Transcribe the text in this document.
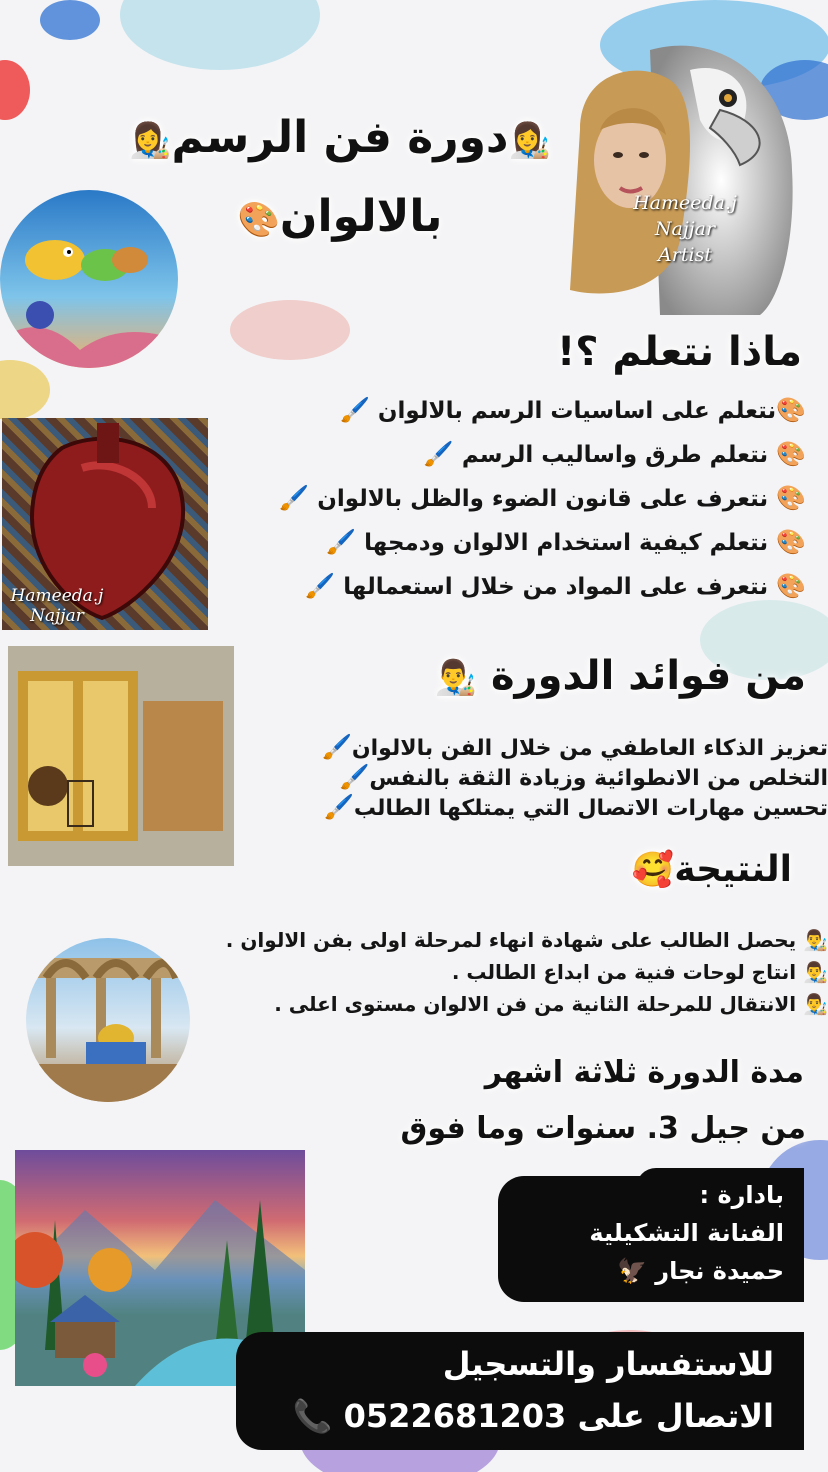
👩‍🎨دورة فن الرسم👩‍🎨
بالالوان🎨	Hameeda.j
Najjar
Artist
ماذا نتعلم ؟!
🎨نتعلم على اساسيات الرسم بالالوان 🖌️
🎨 نتعلم طرق واساليب الرسم 🖌️
🎨 نتعرف على قانون الضوء والظل بالالوان 🖌️
🎨 نتعلم كيفية استخدام الالوان ودمجها 🖌️
🎨 نتعرف على المواد من خلال استعمالها 🖌️
Hameeda.j
Najjar
من فوائد الدورة 👨‍🎨
تعزيز الذكاء العاطفي من خلال الفن بالالوان🖌️
التخلص من الانطوائية وزيادة الثقة بالنفس🖌️
تحسين مهارات الاتصال التي يمتلكها الطالب🖌️
النتيجة🥰
👨‍🎨 يحصل الطالب على شهادة انهاء لمرحلة اولى بفن الالوان .
👨‍🎨 انتاج لوحات فنية من ابداع الطالب .
👨‍🎨 الانتقال للمرحلة الثانية من فن الالوان مستوى اعلى .
مدة الدورة ثلاثة اشهر
من جيل 3. سنوات وما فوق
بادارة :
الفنانة التشكيلية
حميدة نجار 🦅
للاستفسار والتسجيل
الاتصال على 0522681203 📞
